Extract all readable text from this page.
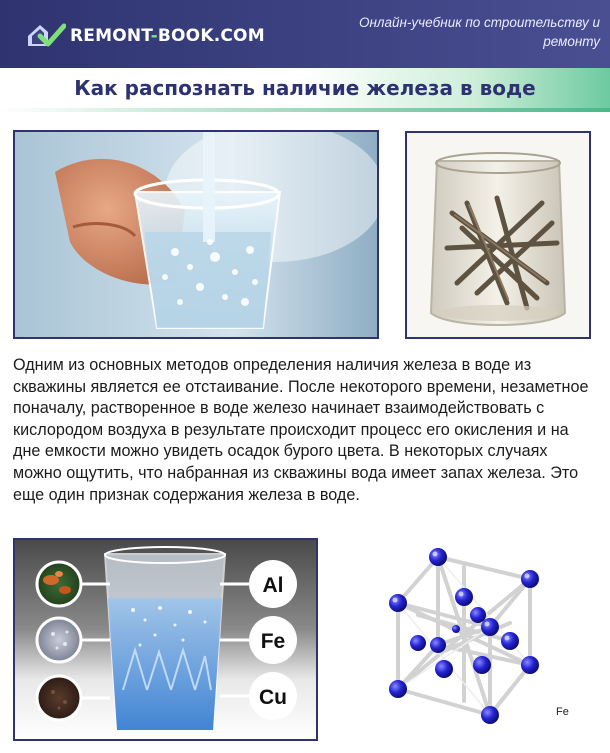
REMONT-BOOK.COM
Онлайн-учебник по строительству и ремонту
Как распознать наличие железа в воде

Одним из основных методов определения наличия железа в воде из скважины является ее отстаивание. После некоторого времени, незаметное поначалу, растворенное в воде железо начинает взаимодействовать с кислородом воздуха в результате происходит процесс его окисления и на дне емкости можно увидеть осадок бурого цвета. В некоторых случаях можно ощутить, что набранная из скважины вода имеет запах железа. Это еще один признак содержания железа в воде.

Al
Fe
Cu
Fe
